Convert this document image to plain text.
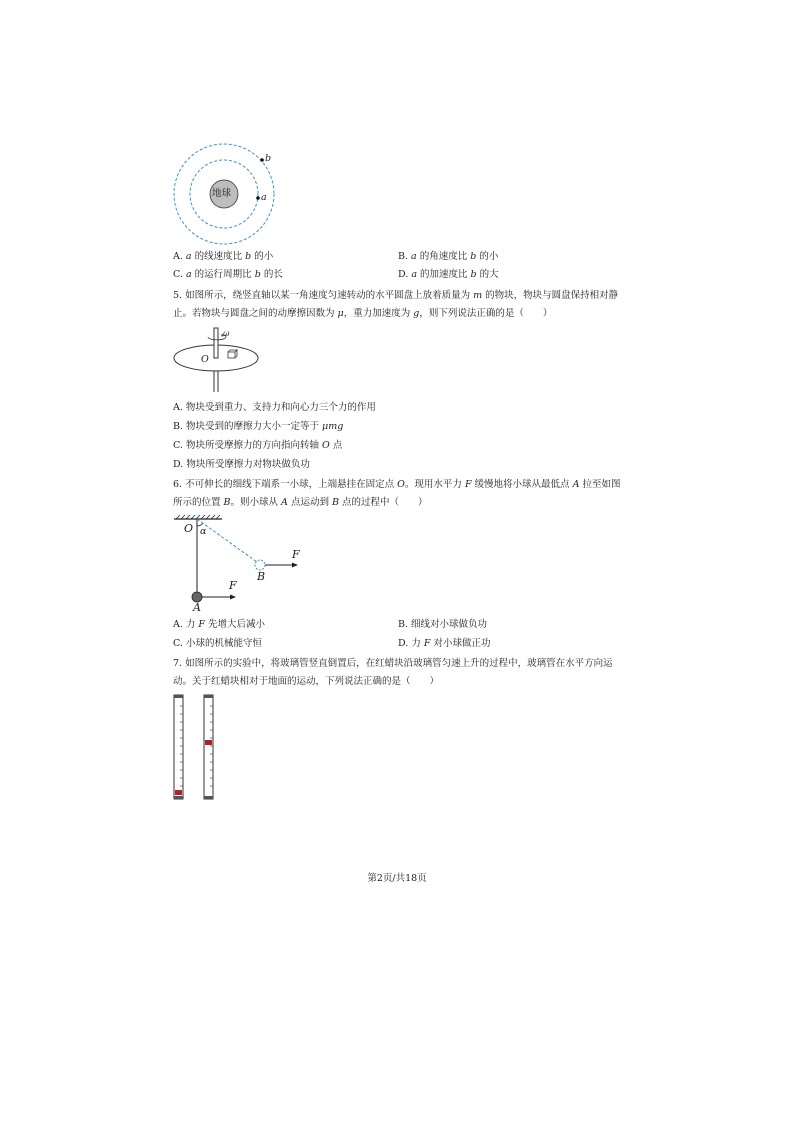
地球	a
b
A. a 的线速度比 b 的小	B. a 的角速度比 b 的小
C. a 的运行周期比 b 的长	D. a 的加速度比 b 的大
5. 如图所示，绕竖直轴以某一角速度匀速转动的水平圆盘上放着质量为 m 的物块，物块与圆盘保持相对静
止。若物块与圆盘之间的动摩擦因数为 μ，重力加速度为 g，则下列说法正确的是（　　）
ω
O
A. 物块受到重力、支持力和向心力三个力的作用
B. 物块受到的摩擦力大小一定等于 μmg
C. 物块所受摩擦力的方向指向转轴 O 点
D. 物块所受摩擦力对物块做负功
6. 不可伸长的细线下端系一小球，上端悬挂在固定点 O。现用水平力 F 缓慢地将小球从最低点 A 拉至如图
所示的位置 B。则小球从 A 点运动到 B 点的过程中（　　）
O α
F
B
F
A
A. 力 F 先增大后减小	B. 细线对小球做负功
C. 小球的机械能守恒	D. 力 F 对小球做正功
7. 如图所示的实验中，将玻璃管竖直倒置后，在红蜡块沿玻璃管匀速上升的过程中，玻璃管在水平方向运
动。关于红蜡块相对于地面的运动，下列说法正确的是（　　）
第2页/共18页
